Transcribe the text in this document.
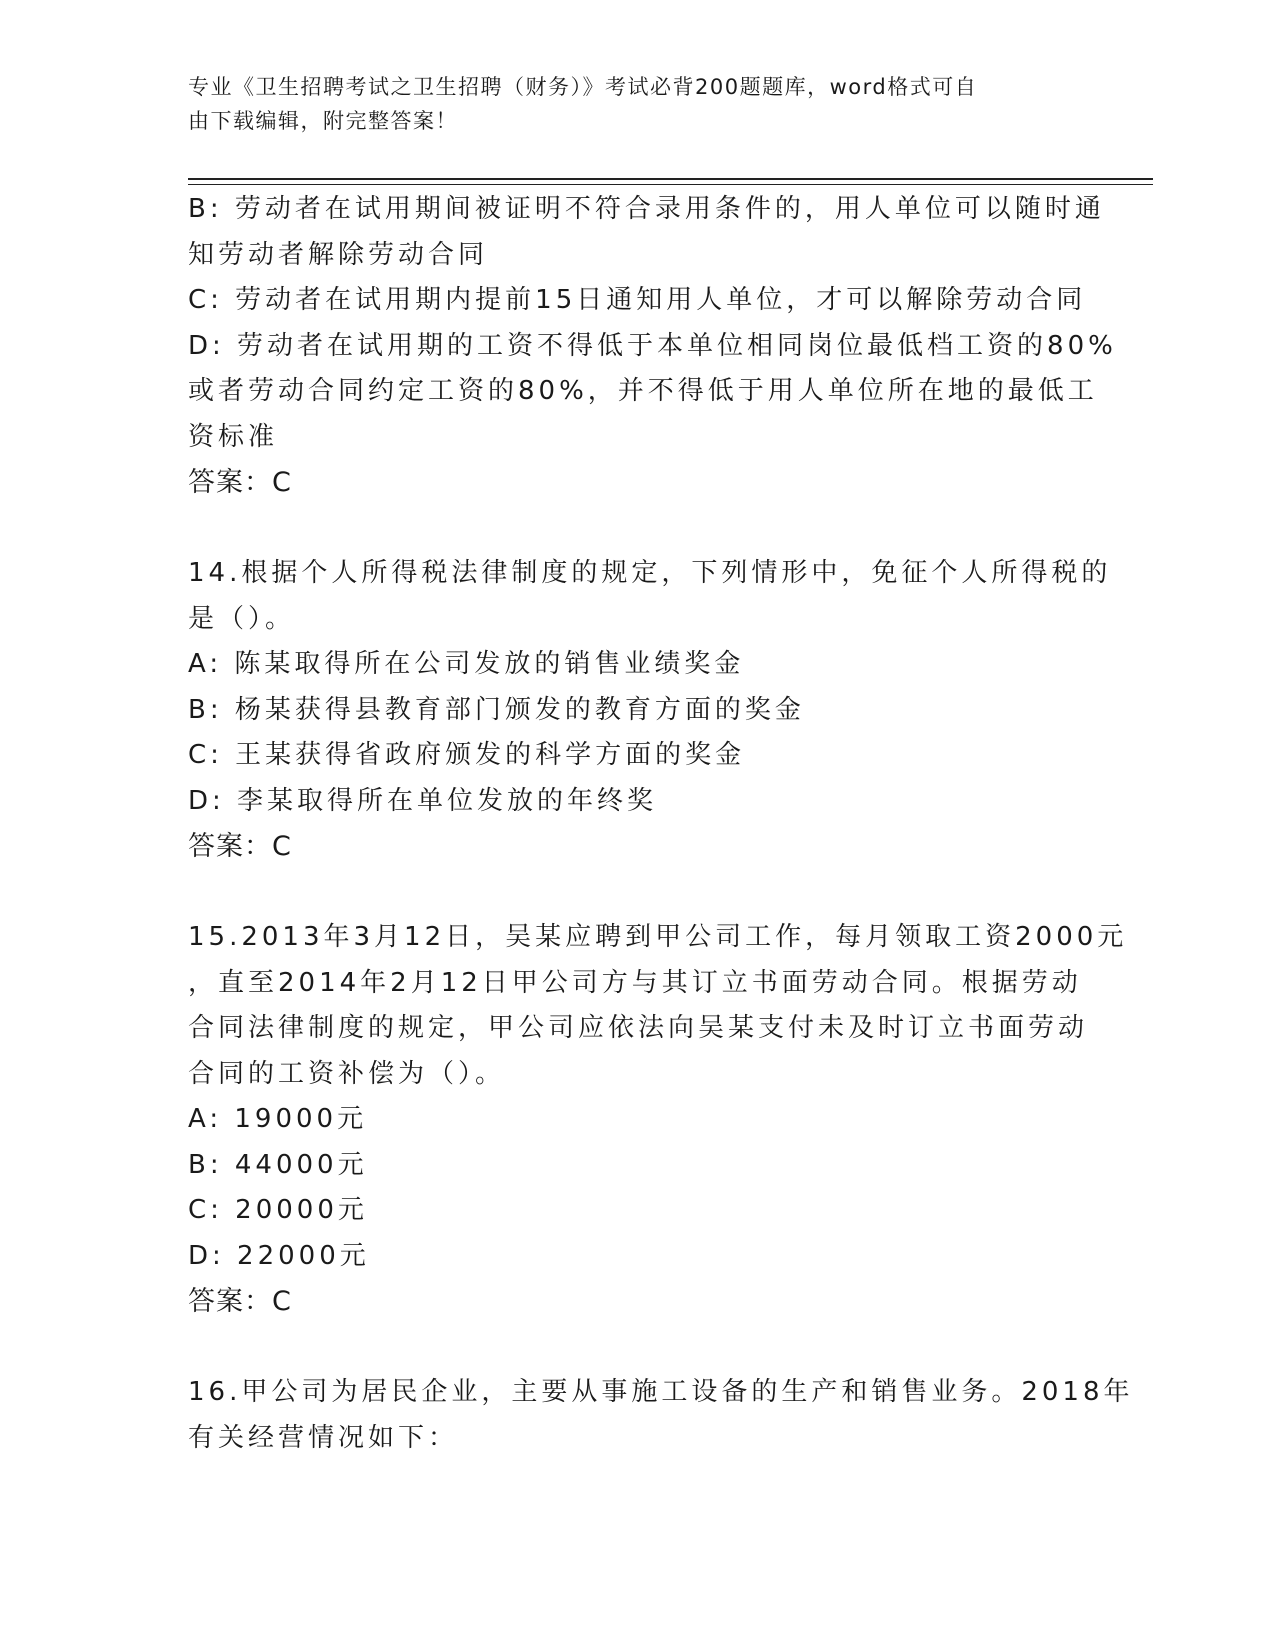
专业《卫生招聘考试之卫生招聘（财务）》考试必背200题题库，word格式可自
由下载编辑，附完整答案！
B: 劳动者在试用期间被证明不符合录用条件的，用人单位可以随时通
知劳动者解除劳动合同
C: 劳动者在试用期内提前15日通知用人单位，才可以解除劳动合同
D: 劳动者在试用期的工资不得低于本单位相同岗位最低档工资的80%
或者劳动合同约定工资的80%，并不得低于用人单位所在地的最低工
资标准
答案：C
14.根据个人所得税法律制度的规定，下列情形中，免征个人所得税的
是（）。
A: 陈某取得所在公司发放的销售业绩奖金
B: 杨某获得县教育部门颁发的教育方面的奖金
C: 王某获得省政府颁发的科学方面的奖金
D: 李某取得所在单位发放的年终奖
答案：C
15.2013年3月12日，吴某应聘到甲公司工作，每月领取工资2000元
，直至2014年2月12日甲公司方与其订立书面劳动合同。根据劳动
合同法律制度的规定，甲公司应依法向吴某支付未及时订立书面劳动
合同的工资补偿为（）。
A: 19000元
B: 44000元
C: 20000元
D: 22000元
答案：C
16.甲公司为居民企业，主要从事施工设备的生产和销售业务。2018年
有关经营情况如下：
